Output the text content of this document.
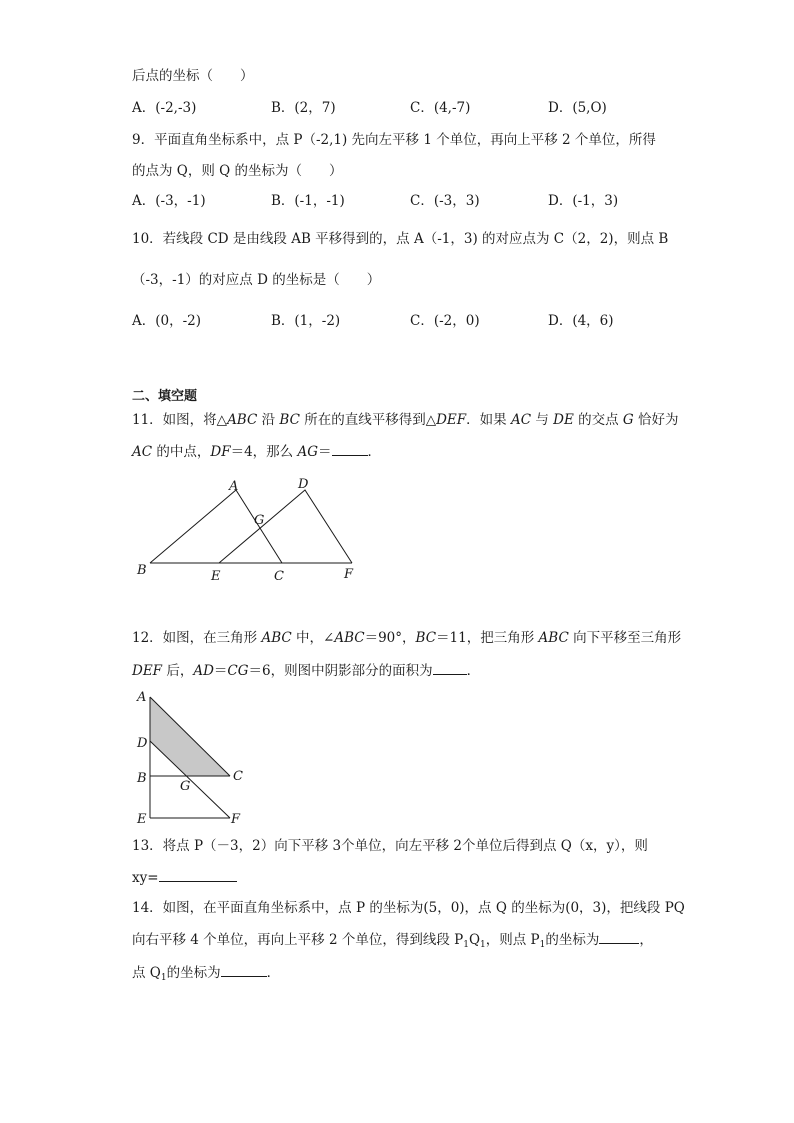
后点的坐标（　　）
A．(-2,-3)	B．(2，7)	C．(4,-7)	D．(5,O)
9．平面直角坐标系中，点 P（-2,1) 先向左平移 1 个单位，再向上平移 2 个单位，所得
的点为 Q，则 Q 的坐标为（　　）
A．(-3，-1)	B．(-1，-1)	C．(-3，3)	D．(-1，3)
10．若线段 CD 是由线段 AB 平移得到的，点 A（-1，3) 的对应点为 C（2，2)，则点 B
（-3，-1）的对应点 D 的坐标是（　　）
A．(0，-2)	B．(1，-2)	C．(-2，0)	D．(4，6)
二、填空题
11．如图，将△ABC 沿 BC 所在的直线平移得到△DEF．如果 AC 与 DE 的交点 G 恰好为
AC 的中点，DF＝4，那么 AG＝	．
A	D
G
B	E	C	F
12．如图，在三角形 ABC 中，∠ABC＝90°，BC＝11，把三角形 ABC 向下平移至三角形
DEF 后，AD＝CG＝6，则图中阴影部分的面积为	．
A
D
B	C
G
E	F
13．将点 P（－3，2）向下平移 3个单位，向左平移 2个单位后得到点 Q（x，y），则
xy=
14．如图，在平面直角坐标系中，点 P 的坐标为(5，0)，点 Q 的坐标为(0，3)，把线段 PQ
向右平移 4 个单位，再向上平移 2 个单位，得到线段 $P_1Q_1$，则点 $P_1$的坐标为	，
点 $Q_1$的坐标为	．
